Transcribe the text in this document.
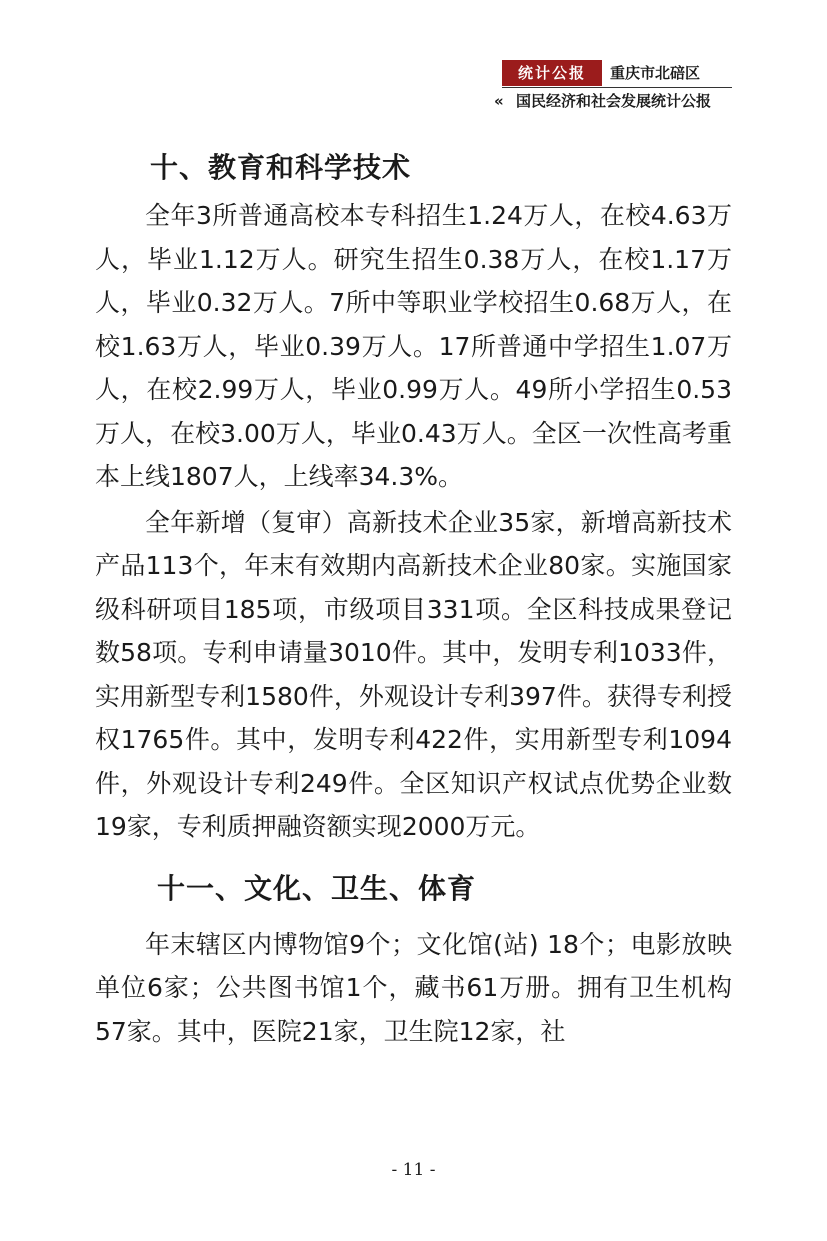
统计公报	重庆市北碚区
« 国民经济和社会发展统计公报
十、教育和科学技术

全年3所普通高校本专科招生1.24万人，在校4.63万人，毕业1.12万人。研究生招生0.38万人，在校1.17万人，毕业0.32万人。7所中等职业学校招生0.68万人，在校1.63万人，毕业0.39万人。17所普通中学招生1.07万人，在校2.99万人，毕业0.99万人。49所小学招生0.53万人，在校3.00万人，毕业0.43万人。全区一次性高考重本上线1807人，上线率34.3%。

全年新增（复审）高新技术企业35家，新增高新技术产品113个，年末有效期内高新技术企业80家。实施国家级科研项目185项，市级项目331项。全区科技成果登记数58项。专利申请量3010件。其中，发明专利1033件，实用新型专利1580件，外观设计专利397件。获得专利授权1765件。其中，发明专利422件，实用新型专利1094件，外观设计专利249件。全区知识产权试点优势企业数19家，专利质押融资额实现2000万元。

十一、文化、卫生、体育

年末辖区内博物馆9个；文化馆(站) 18个；电影放映单位6家；公共图书馆1个，藏书61万册。拥有卫生机构57家。其中，医院21家，卫生院12家，社

- 11 -
